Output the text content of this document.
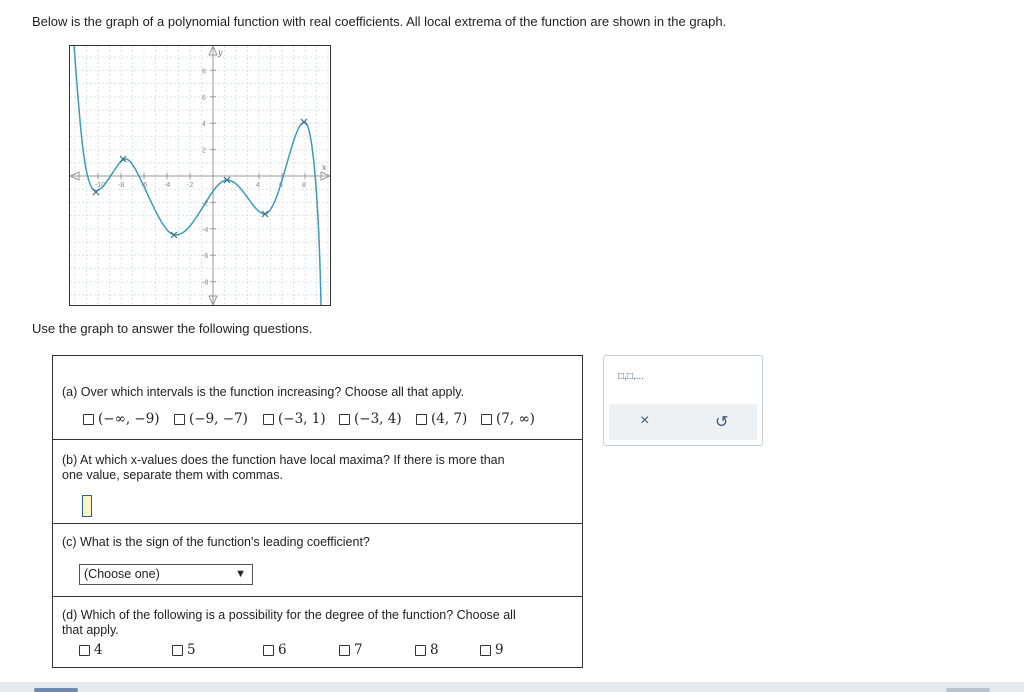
Below is the graph of a polynomial function with real coefficients. All local extrema of the function are shown in the graph.
-10 -8 -6 -4 -2	4	6	8
8
6
4
2
-2
-4
-6
-8
x
y
Use the graph to answer the following questions.
(a) Over which intervals is the function increasing? Choose all that apply.
(−∞, −9) (−9, −7) (−3, 1) (−3, 4) (4, 7) (7, ∞)
(b) At which x-values does the function have local maxima? If there is more than
one value, separate them with commas.
(c) What is the sign of the function's leading coefficient?
(Choose one)	▼
(d) Which of the following is a possibility for the degree of the function? Choose all
that apply.
4	5	6	7	8	9
□,□,...
×	↺
